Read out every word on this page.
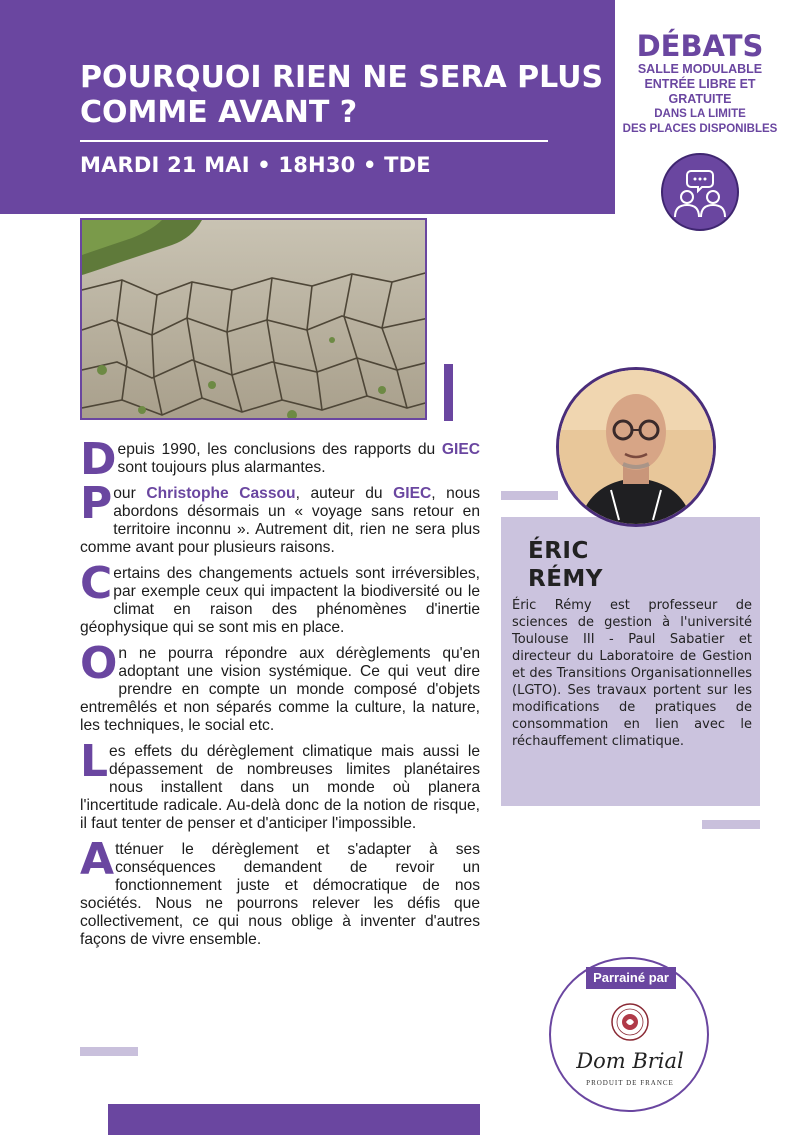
POURQUOI RIEN NE SERA PLUS COMME AVANT ?
MARDI 21 MAI • 18H30 • TDE
DÉBATS
SALLE MODULABLE
ENTRÉE LIBRE ET
GRATUITE
DANS LA LIMITE
DES PLACES DISPONIBLES

Depuis 1990, les conclusions des rapports du GIEC sont toujours plus alarmantes.

Pour Christophe Cassou, auteur du GIEC, nous abordons désormais un « voyage sans retour en territoire inconnu ». Autrement dit, rien ne sera plus comme avant pour plusieurs raisons.

Certains des changements actuels sont irréversibles, par exemple ceux qui impactent la biodiversité ou le climat en raison des phénomènes d'inertie géophysique qui se sont mis en place.

On ne pourra répondre aux dérèglements qu'en adoptant une vision systémique. Ce qui veut dire prendre en compte un monde composé d'objets entremêlés et non séparés comme la culture, la nature, les techniques, le social etc.

Les effets du dérèglement climatique mais aussi le dépassement de nombreuses limites planétaires nous installent dans un monde où planera l'incertitude radicale. Au-delà donc de la notion de risque, il faut tenter de penser et d'anticiper l'impossible.

Atténuer le dérèglement et s'adapter à ses conséquences demandent de revoir un fonctionnement juste et démocratique de nos sociétés. Nous ne pourrons relever les défis que collectivement, ce qui nous oblige à inventer d'autres façons de vivre ensemble.

ÉRIC
RÉMY

Éric Rémy est professeur de sciences de gestion à l'université Toulouse III - Paul Sabatier et directeur du Laboratoire de Gestion et des Transitions Organisationnelles (LGTO). Ses travaux portent sur les modifications de pratiques de consommation en lien avec le réchauffement climatique.

Parrainé par
Dom Brial
PRODUIT DE FRANCE
